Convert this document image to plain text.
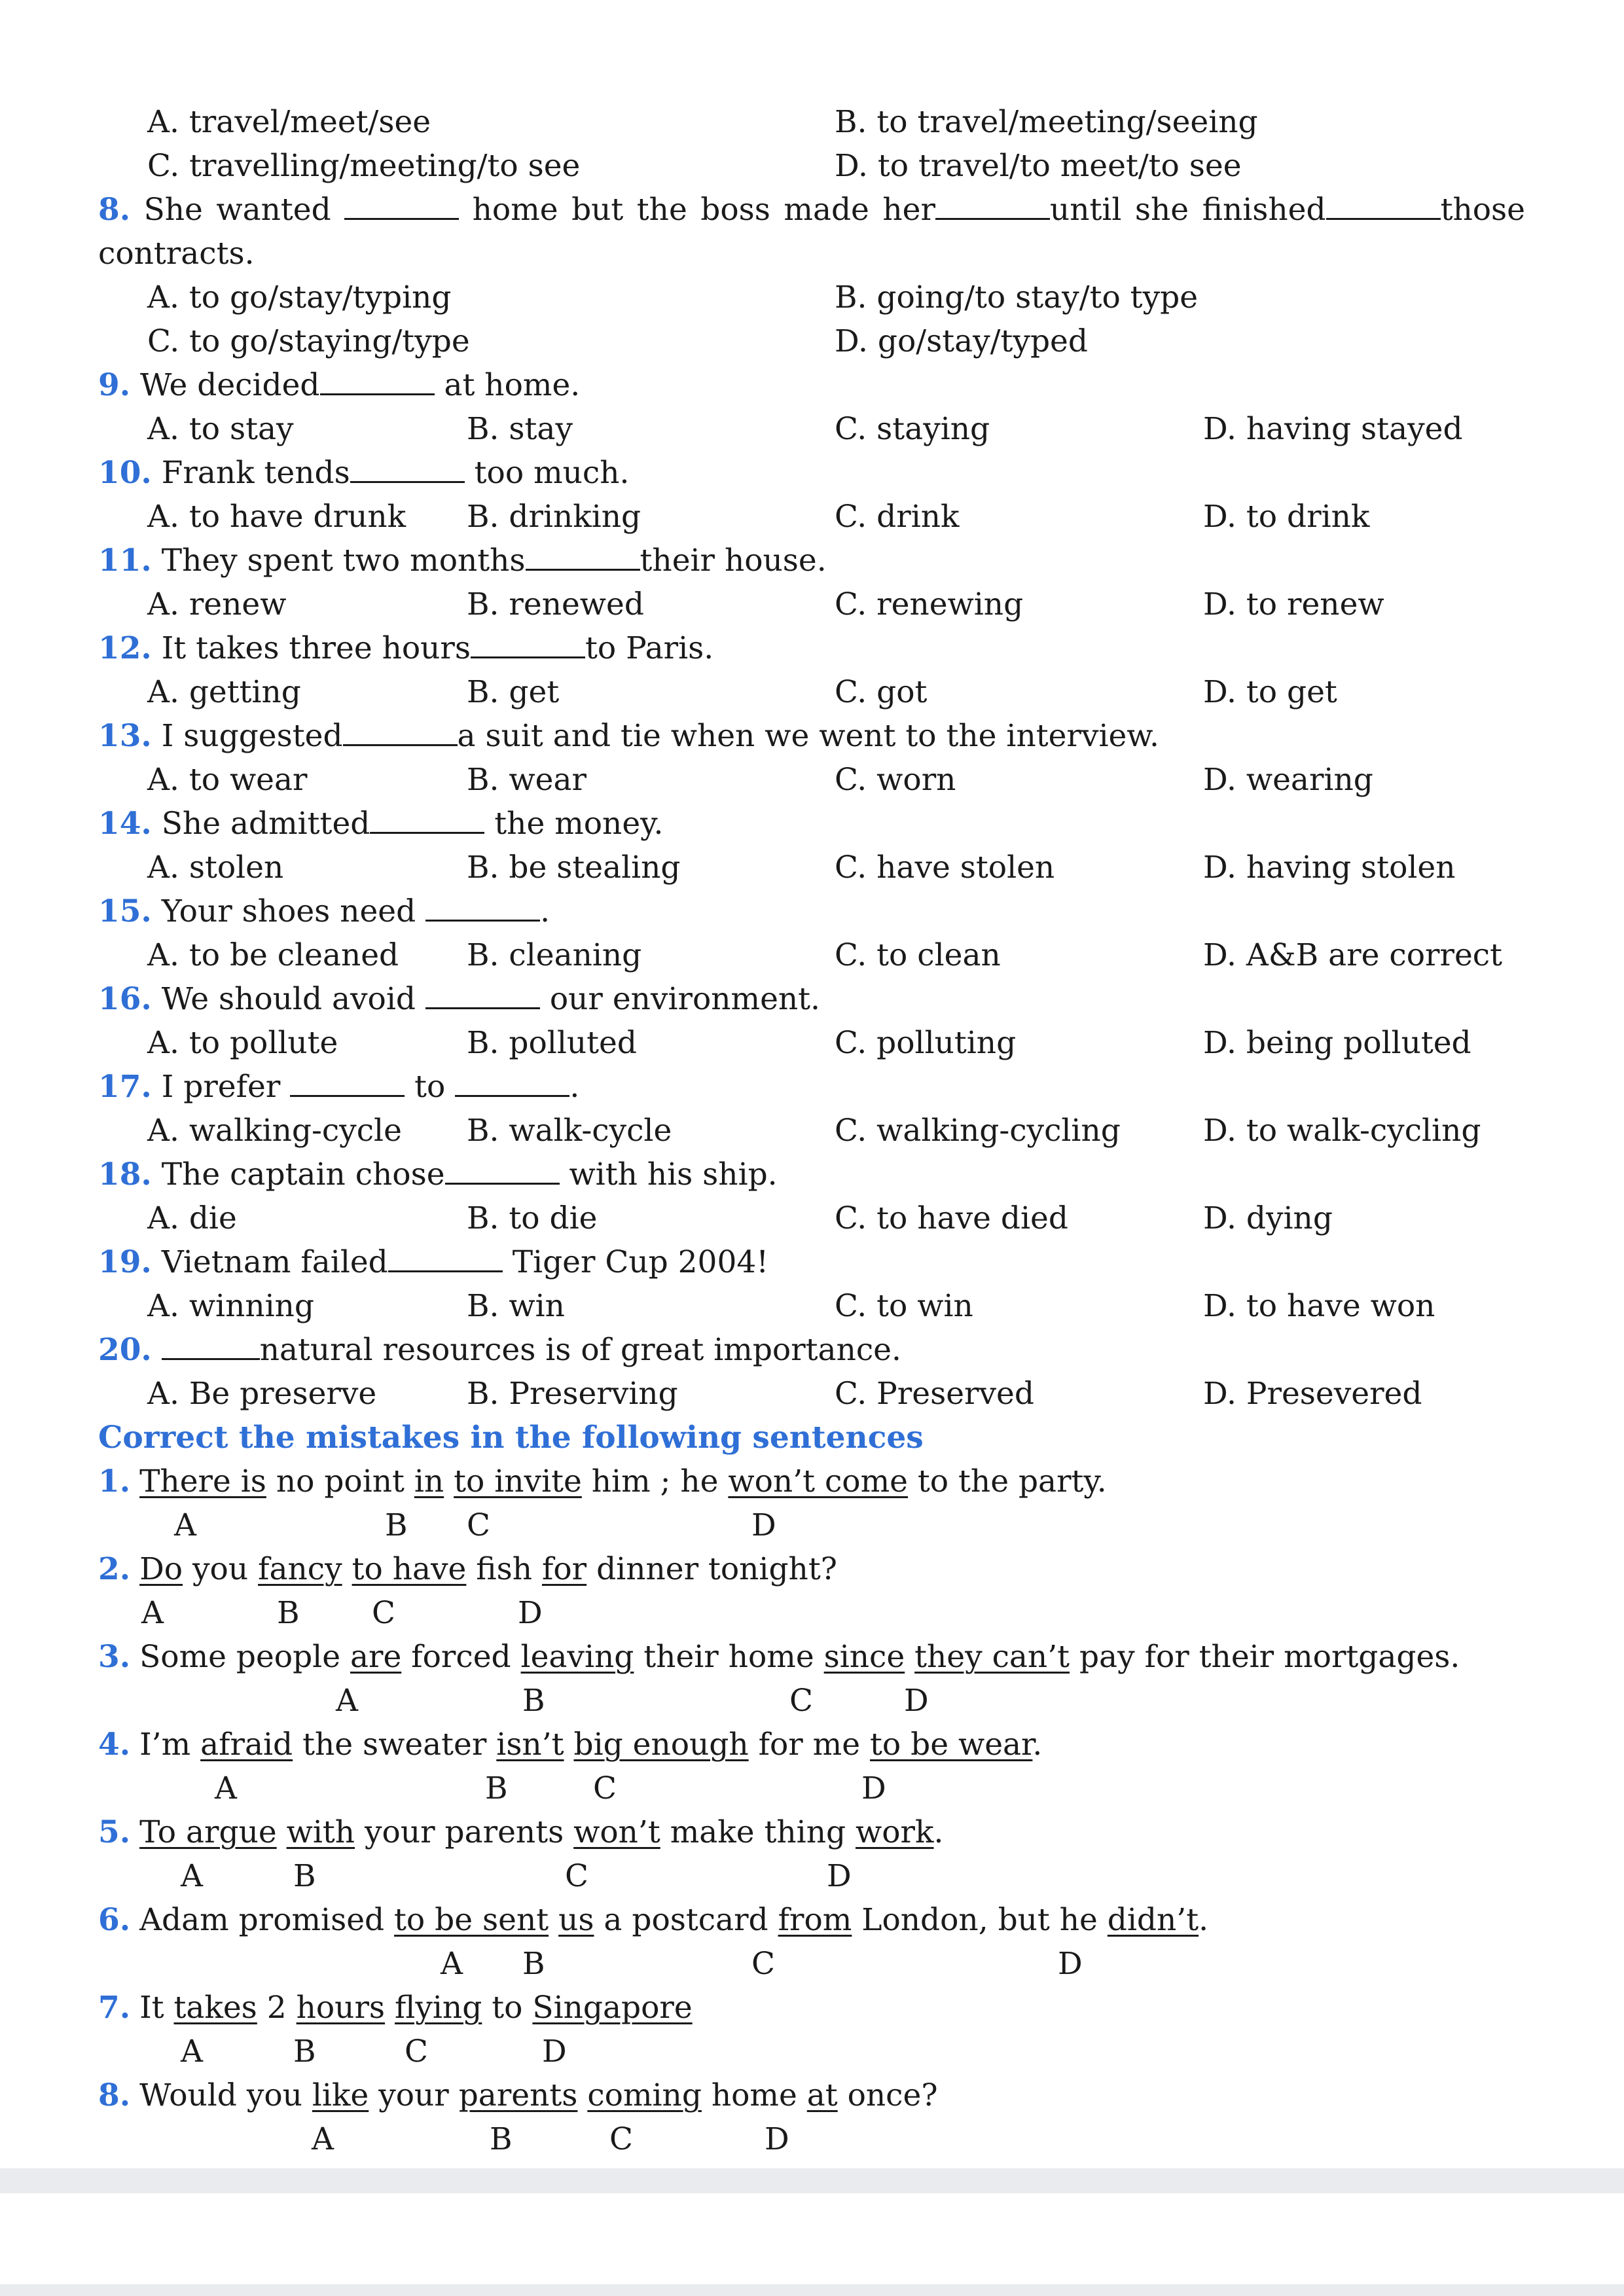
A. travel/meet/see	B. to travel/meeting/seeing
C. travelling/meeting/to see	D. to travel/to meet/to see
8. She wanted	home but the boss made her	until she finished	those
contracts.
A. to go/stay/typing	B. going/to stay/to type
C. to go/staying/type	D. go/stay/typed
9. We decided	at home.
A. to stay	B. stay	C. staying	D. having stayed
10. Frank tends	too much.
A. to have drunk B. drinking	C. drink	D. to drink
11. They spent two months	their house.
A. renew	B. renewed	C. renewing	D. to renew
12. It takes three hours	to Paris.
A. getting	B. get	C. got	D. to get
13. I suggested	a suit and tie when we went to the interview.
A. to wear	B. wear	C. worn	D. wearing
14. She admitted	the money.
A. stolen	B. be stealing	C. have stolen	D. having stolen
15. Your shoes need	.
A. to be cleaned B. cleaning	C. to clean	D. A&B are correct
16. We should avoid	our environment.
A. to pollute	B. polluted	C. polluting	D. being polluted
17. I prefer	to	.
A. walking-cycle B. walk-cycle	C. walking-cycling	D. to walk-cycling
18. The captain chose	with his ship.
A. die	B. to die	C. to have died	D. dying
19. Vietnam failed	Tiger Cup 2004!
A. winning	B. win	C. to win	D. to have won
20.	natural resources is of great importance.
A. Be preserve	B. Preserving	C. Preserved	D. Presevered
Correct the mistakes in the following sentences
1. There is no point in to invite him ; he won’t come to the party.
A	B C	D
2. Do you fancy to have fish for dinner tonight?
A	B C	D
3. Some people are forced leaving their home since they can’t pay for their mortgages.
A	B	C	D
4. I’m afraid the sweater isn’t big enough for me to be wear.
A	B	C	D
5. To argue with your parents won’t make thing work.
A	B	C	D
6. Adam promised to be sent us a postcard from London, but he didn’t.
A B	C	D
7. It takes 2 hours flying to Singapore
A	B	C	D
8. Would you like your parents coming home at once?
A	B	C	D
